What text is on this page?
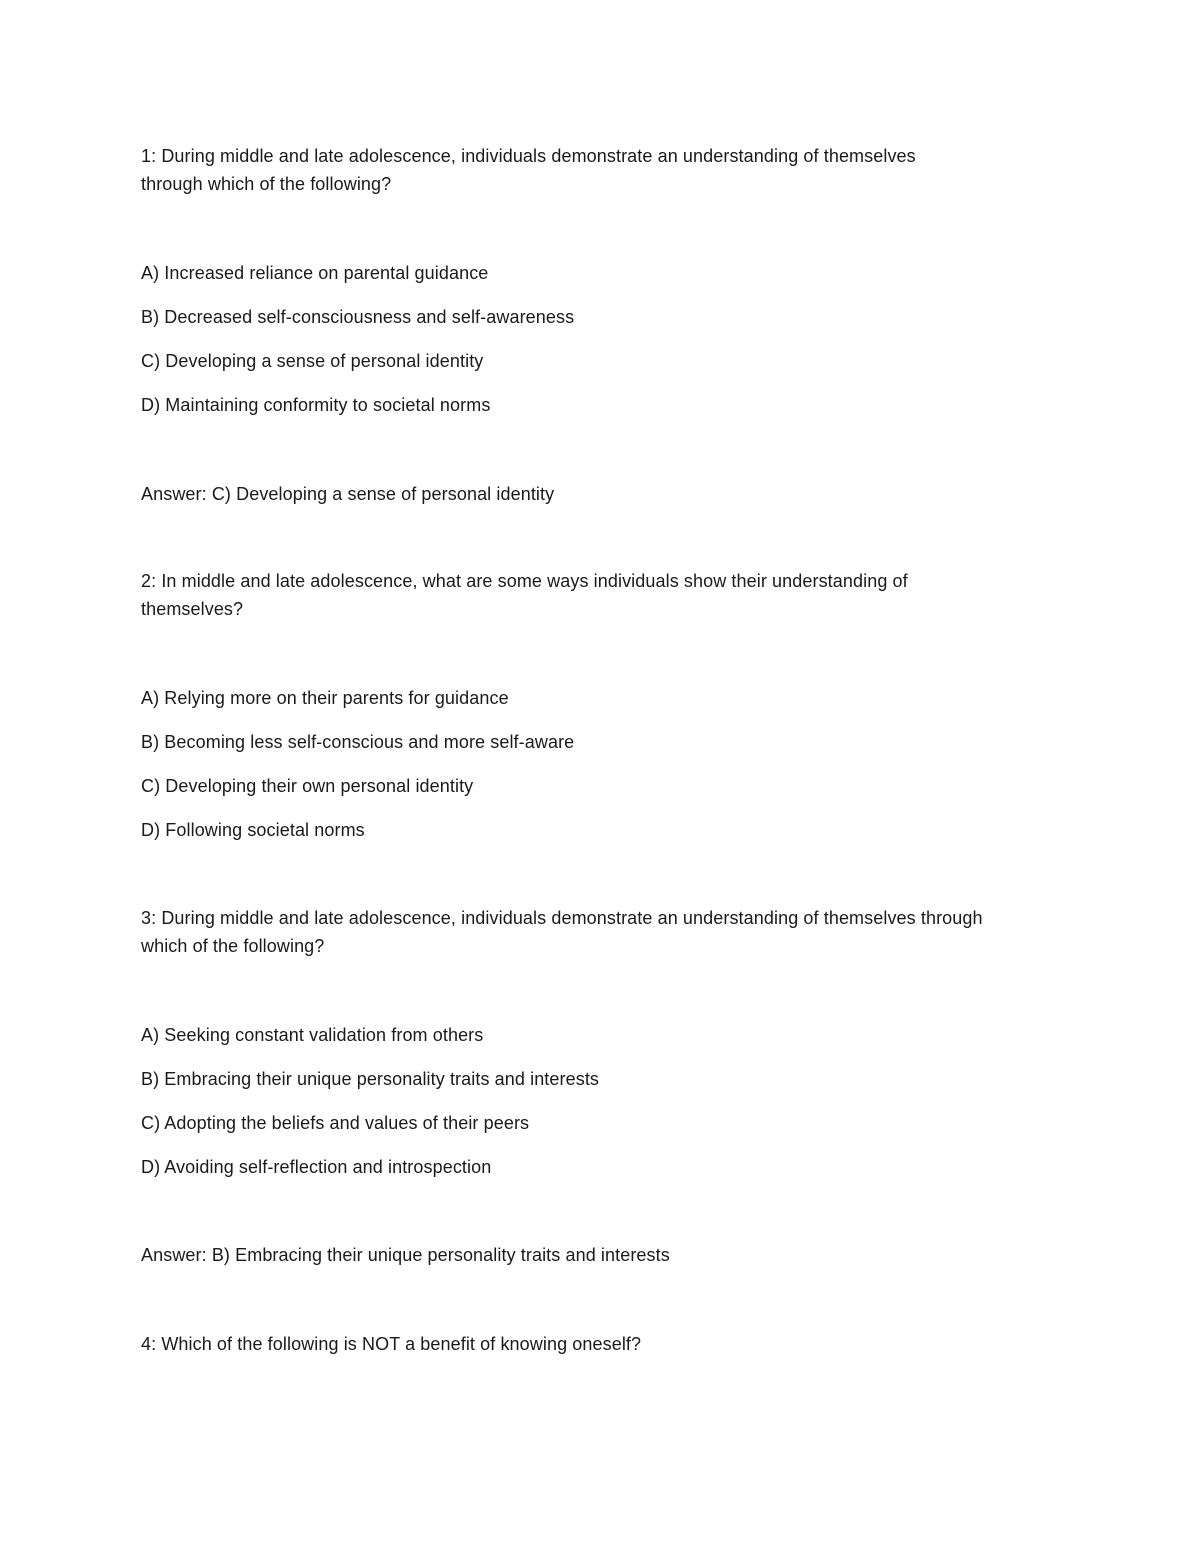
1: During middle and late adolescence, individuals demonstrate an understanding of themselves
through which of the following?
A) Increased reliance on parental guidance
B) Decreased self-consciousness and self-awareness
C) Developing a sense of personal identity
D) Maintaining conformity to societal norms
Answer: C) Developing a sense of personal identity
2: In middle and late adolescence, what are some ways individuals show their understanding of
themselves?
A) Relying more on their parents for guidance
B) Becoming less self-conscious and more self-aware
C) Developing their own personal identity
D) Following societal norms
3: During middle and late adolescence, individuals demonstrate an understanding of themselves through
which of the following?
A) Seeking constant validation from others
B) Embracing their unique personality traits and interests
C) Adopting the beliefs and values of their peers
D) Avoiding self-reflection and introspection
Answer: B) Embracing their unique personality traits and interests
4: Which of the following is NOT a benefit of knowing oneself?
